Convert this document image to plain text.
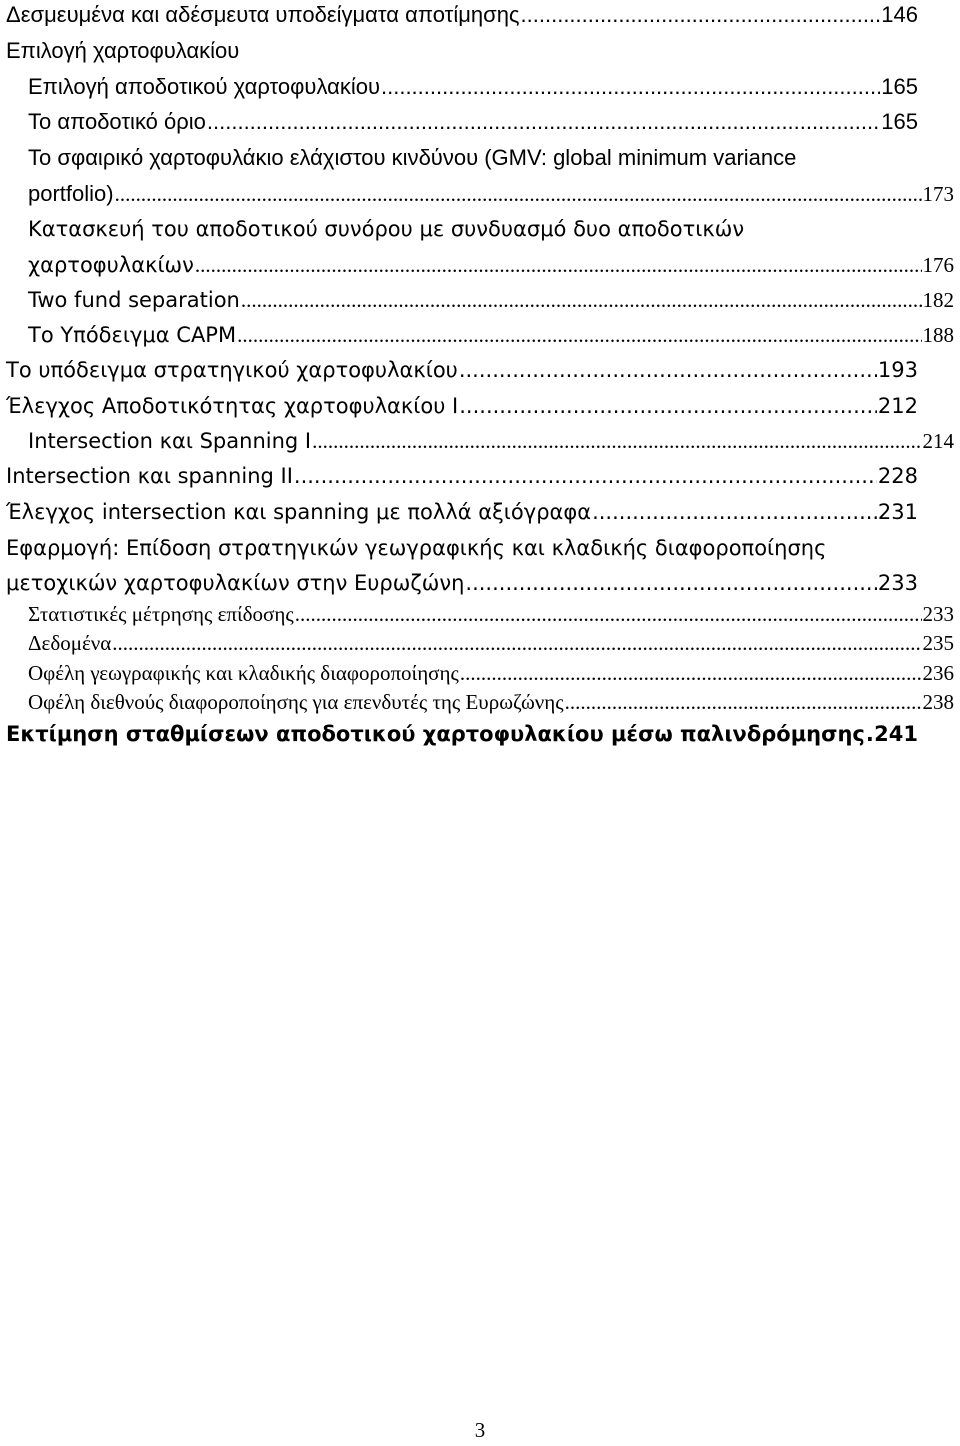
Δεσμευμένα και αδέσμευτα υποδείγματα αποτίμησης .....	146
Επιλογή χαρτοφυλακίου
Επιλογή αποδοτικού χαρτοφυλακίου .....	165
Το αποδοτικό όριο .....	165
Το σφαιρικό χαρτοφυλάκιο ελάχιστου κινδύνου (GMV: global minimum variance
portfolio) .....	173
Κατασκευή του αποδοτικού συνόρου με συνδυασμό δυο αποδοτικών
χαρτοφυλακίων .....	176
Two fund separation .....	182
Το Υπόδειγμα CAPM .....	188
Το υπόδειγμα στρατηγικού χαρτοφυλακίου .....	193
Έλεγχος Αποδοτικότητας χαρτοφυλακίου Ι .....	212
Intersection και Spanning I .....	214
Intersection και spanning II .....	228
Έλεγχος intersection και spanning με πολλά αξιόγραφα .....	231
Εφαρμογή: Επίδοση στρατηγικών γεωγραφικής και κλαδικής διαφοροποίησης
μετοχικών χαρτοφυλακίων στην Ευρωζώνη .....	233
Στατιστικές μέτρησης επίδοσης .....	233
Δεδομένα .....	235
Οφέλη γεωγραφικής και κλαδικής διαφοροποίησης .....	236
Οφέλη διεθνούς διαφοροποίησης για επενδυτές της Ευρωζώνης .....	238
Εκτίμηση σταθμίσεων αποδοτικού χαρτοφυλακίου μέσω παλινδρόμησης ..... 241
3
